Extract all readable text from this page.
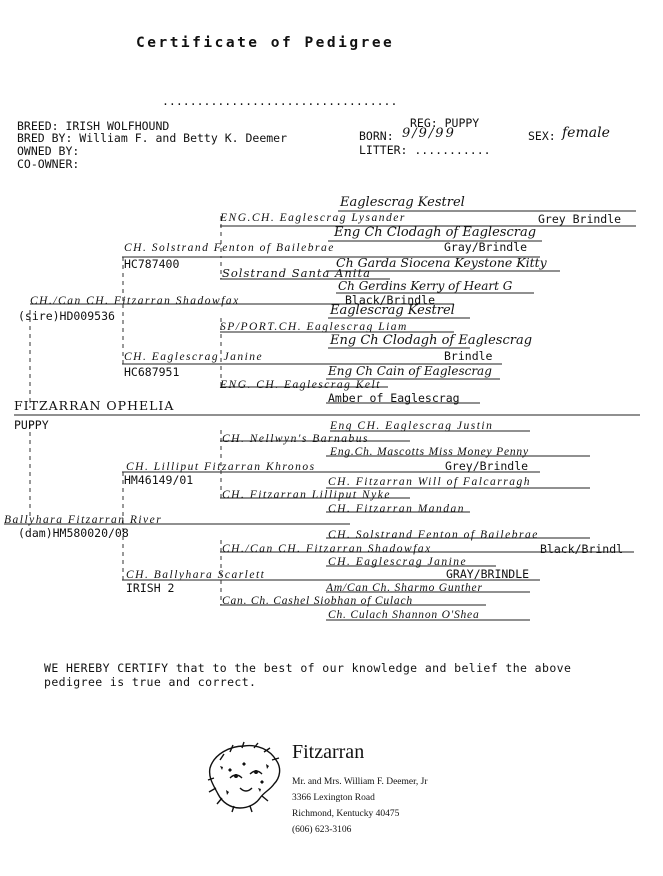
Certificate of Pedigree
..................................
BREED: IRISH WOLFHOUND
BRED BY: William F. and Betty K. Deemer
OWNED BY:
CO-OWNER:
REG: PUPPY
BORN: 9/9/99	SEX: female
LITTER: ...........
Eaglescrag Kestrel
ENG.CH. Eaglescrag Lysander	Grey Brindle
Eng Ch Clodagh of Eaglescrag
CH. Solstrand Fenton of Bailebrae	Gray/Brindle
HC787400	Ch Garda Siocena Keystone Kitty
Solstrand Santa Anita
Ch Gerdins Kerry of Heart G
CH./Can CH. Fitzarran Shadowfax	Black/Brindle
(sire)HD009536	Eaglescrag Kestrel
SP/PORT.CH. Eaglescrag Liam
Eng Ch Clodagh of Eaglescrag
CH. Eaglescrag Janine	Brindle
HC687951	Eng Ch Cain of Eaglescrag
ENG. CH. Eaglescrag Kelt
Amber of Eaglescrag
FITZARRAN OPHELIA
PUPPY	Eng CH. Eaglescrag Justin
CH. Nellwyn's Barnabus
Eng.Ch. Mascotts Miss Money Penny
CH. Lilliput Fitzarran Khronos	Grey/Brindle
HM46149/01	CH. Fitzarran Will of Falcarragh
CH. Fitzarran Lilliput Nyke
CH. Fitzarran Mandan
Ballyhara Fitzarran River
(dam)HM580020/08	CH. Solstrand Fenton of Bailebrae
CH./Can CH. Fitzarran Shadowfax	Black/Brindl
CH. Eaglescrag Janine
CH. Ballyhara Scarlett	GRAY/BRINDLE
IRISH 2	Am/Can Ch. Sharmo Gunther
Can. Ch. Cashel Siobhan of Culach
Ch. Culach Shannon O'Shea
WE HEREBY CERTIFY that to the best of our knowledge and belief the above
pedigree is true and correct.
Fitzarran
Mr. and Mrs. William F. Deemer, Jr
3366 Lexington Road
Richmond, Kentucky 40475
(606) 623-3106
